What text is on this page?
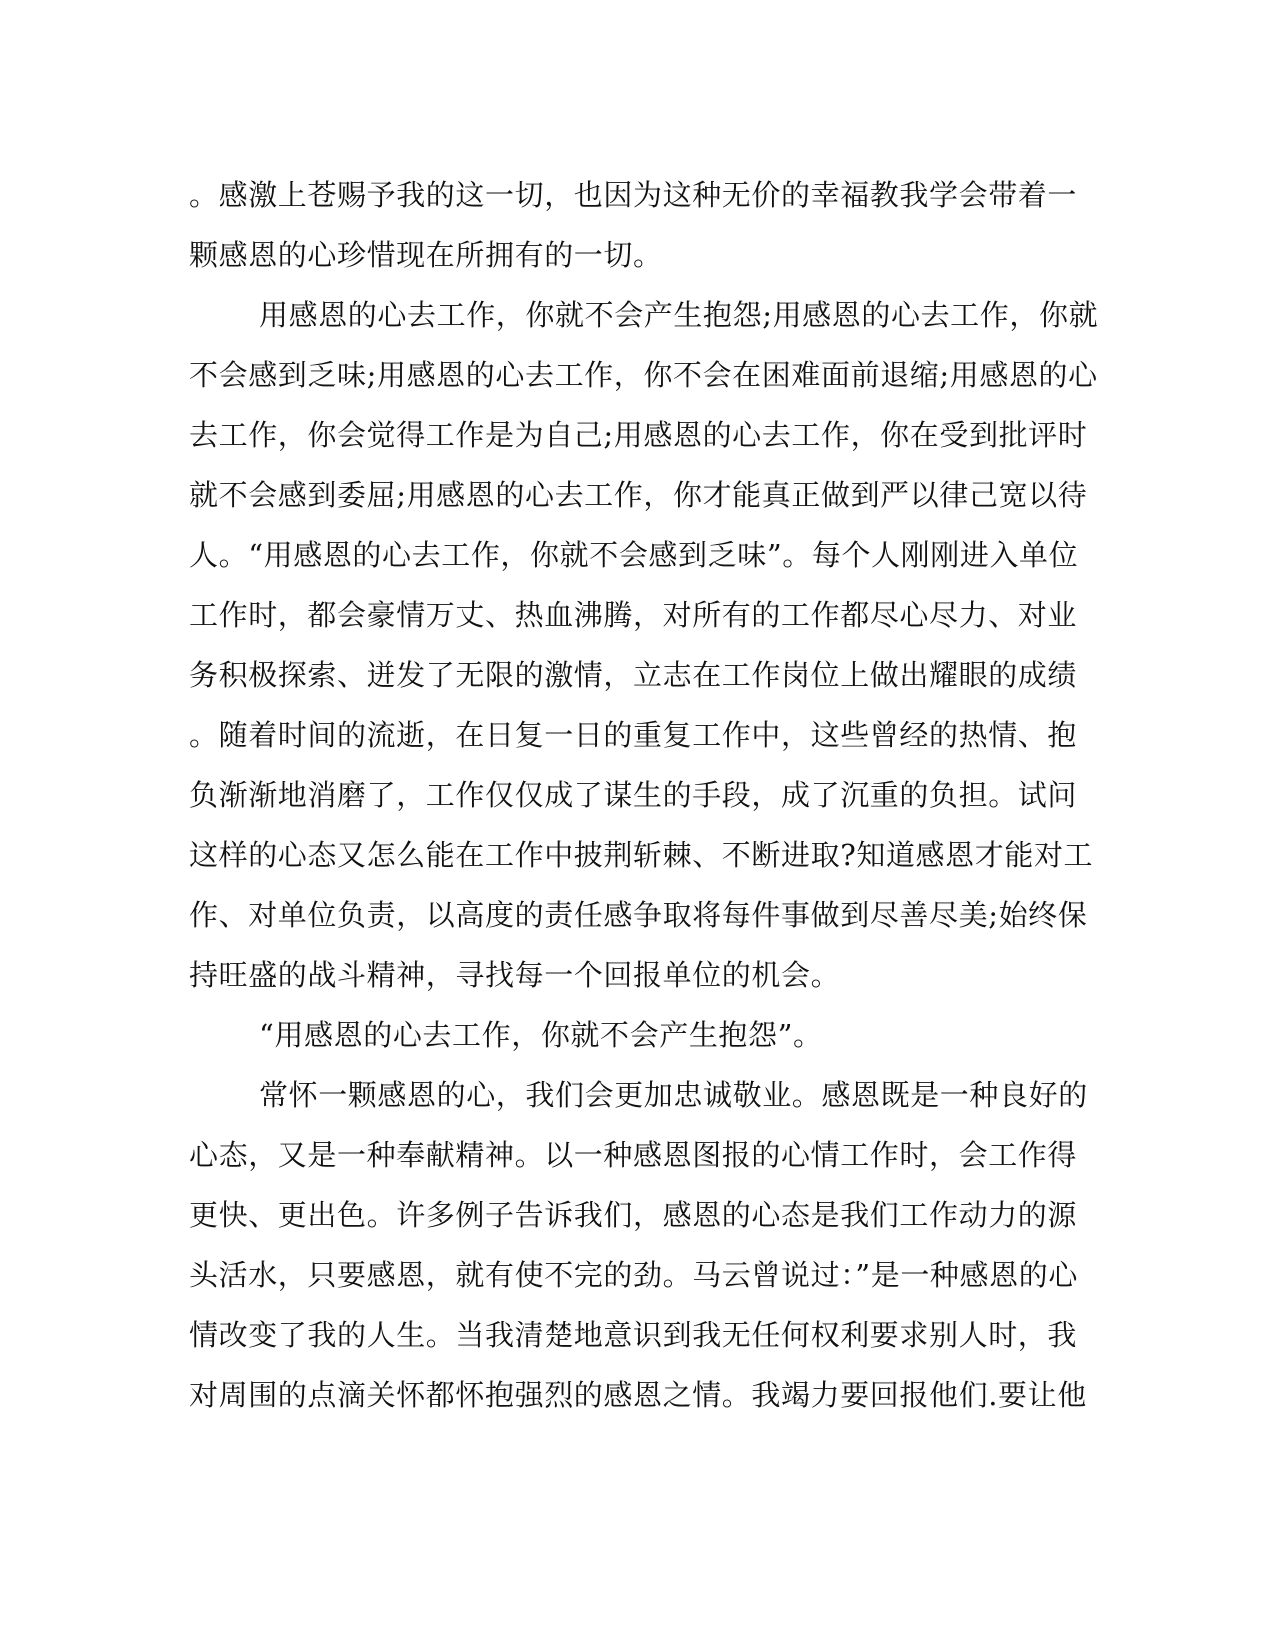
。感激上苍赐予我的这一切，也因为这种无价的幸福教我学会带着一
颗感恩的心珍惜现在所拥有的一切。
用感恩的心去工作，你就不会产生抱怨;用感恩的心去工作，你就
不会感到乏味;用感恩的心去工作，你不会在困难面前退缩;用感恩的心
去工作，你会觉得工作是为自己;用感恩的心去工作，你在受到批评时
就不会感到委屈;用感恩的心去工作，你才能真正做到严以律己宽以待
人。“用感恩的心去工作，你就不会感到乏味”。每个人刚刚进入单位
工作时，都会豪情万丈、热血沸腾，对所有的工作都尽心尽力、对业
务积极探索、迸发了无限的激情，立志在工作岗位上做出耀眼的成绩
。随着时间的流逝，在日复一日的重复工作中，这些曾经的热情、抱
负渐渐地消磨了，工作仅仅成了谋生的手段，成了沉重的负担。试问
这样的心态又怎么能在工作中披荆斩棘、不断进取?知道感恩才能对工
作、对单位负责，以高度的责任感争取将每件事做到尽善尽美;始终保
持旺盛的战斗精神，寻找每一个回报单位的机会。
“用感恩的心去工作，你就不会产生抱怨”。
常怀一颗感恩的心，我们会更加忠诚敬业。感恩既是一种良好的
心态，又是一种奉献精神。以一种感恩图报的心情工作时，会工作得
更快、更出色。许多例子告诉我们，感恩的心态是我们工作动力的源
头活水，只要感恩，就有使不完的劲。马云曾说过：”是一种感恩的心
情改变了我的人生。当我清楚地意识到我无任何权利要求别人时，我
对周围的点滴关怀都怀抱强烈的感恩之情。我竭力要回报他们.要让他
